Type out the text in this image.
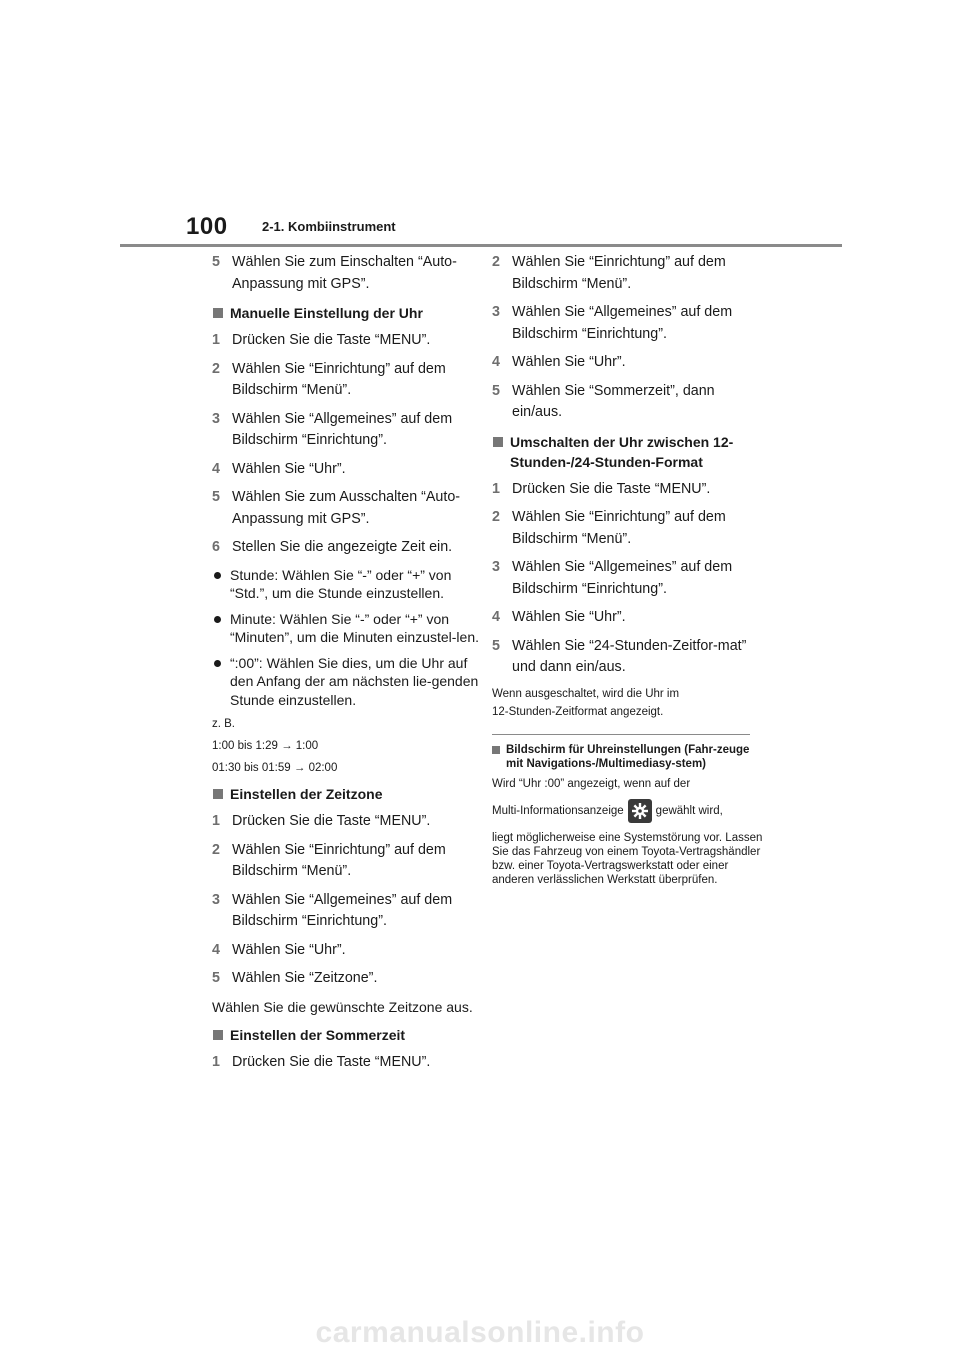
100	2-1. Kombiinstrument
5 Wählen Sie zum Einschalten “Auto-Anpassung mit GPS”.
Manuelle Einstellung der Uhr
1 Drücken Sie die Taste “MENU”.
2 Wählen Sie “Einrichtung” auf dem Bildschirm “Menü”.
3 Wählen Sie “Allgemeines” auf dem Bildschirm “Einrichtung”.
4 Wählen Sie “Uhr”.
5 Wählen Sie zum Ausschalten “Auto-Anpassung mit GPS”.
6 Stellen Sie die angezeigte Zeit ein.
Stunde: Wählen Sie “-” oder “+” von “Std.”, um die Stunde einzustellen.
Minute: Wählen Sie “-” oder “+” von “Minuten”, um die Minuten einzustel-len.
“:00”: Wählen Sie dies, um die Uhr auf den Anfang der am nächsten lie-genden Stunde einzustellen.
z. B.
1:00 bis 1:29 → 1:00
01:30 bis 01:59 → 02:00
Einstellen der Zeitzone
1 Drücken Sie die Taste “MENU”.
2 Wählen Sie “Einrichtung” auf dem Bildschirm “Menü”.
3 Wählen Sie “Allgemeines” auf dem Bildschirm “Einrichtung”.
4 Wählen Sie “Uhr”.
5 Wählen Sie “Zeitzone”.
Wählen Sie die gewünschte Zeitzone aus.
Einstellen der Sommerzeit
1 Drücken Sie die Taste “MENU”.
2 Wählen Sie “Einrichtung” auf dem Bildschirm “Menü”.
3 Wählen Sie “Allgemeines” auf dem Bildschirm “Einrichtung”.
4 Wählen Sie “Uhr”.
5 Wählen Sie “Sommerzeit”, dann ein/aus.
Umschalten der Uhr zwischen 12-Stunden-/24-Stunden-Format
1 Drücken Sie die Taste “MENU”.
2 Wählen Sie “Einrichtung” auf dem Bildschirm “Menü”.
3 Wählen Sie “Allgemeines” auf dem Bildschirm “Einrichtung”.
4 Wählen Sie “Uhr”.
5 Wählen Sie “24-Stunden-Zeitfor-mat” und dann ein/aus.
Wenn ausgeschaltet, wird die Uhr im
12-Stunden-Zeitformat angezeigt.
Bildschirm für Uhreinstellungen (Fahr-zeuge mit Navigations-/Multimediasy-stem)
Wird “Uhr :00” angezeigt, wenn auf der
Multi-Informationsanzeige	gewählt wird,
liegt möglicherweise eine Systemstörung vor. Lassen Sie das Fahrzeug von einem Toyota-Vertragshändler bzw. einer Toyota-Vertragswerkstatt oder einer anderen verlässlichen Werkstatt überprüfen.
carmanualsonline.info
